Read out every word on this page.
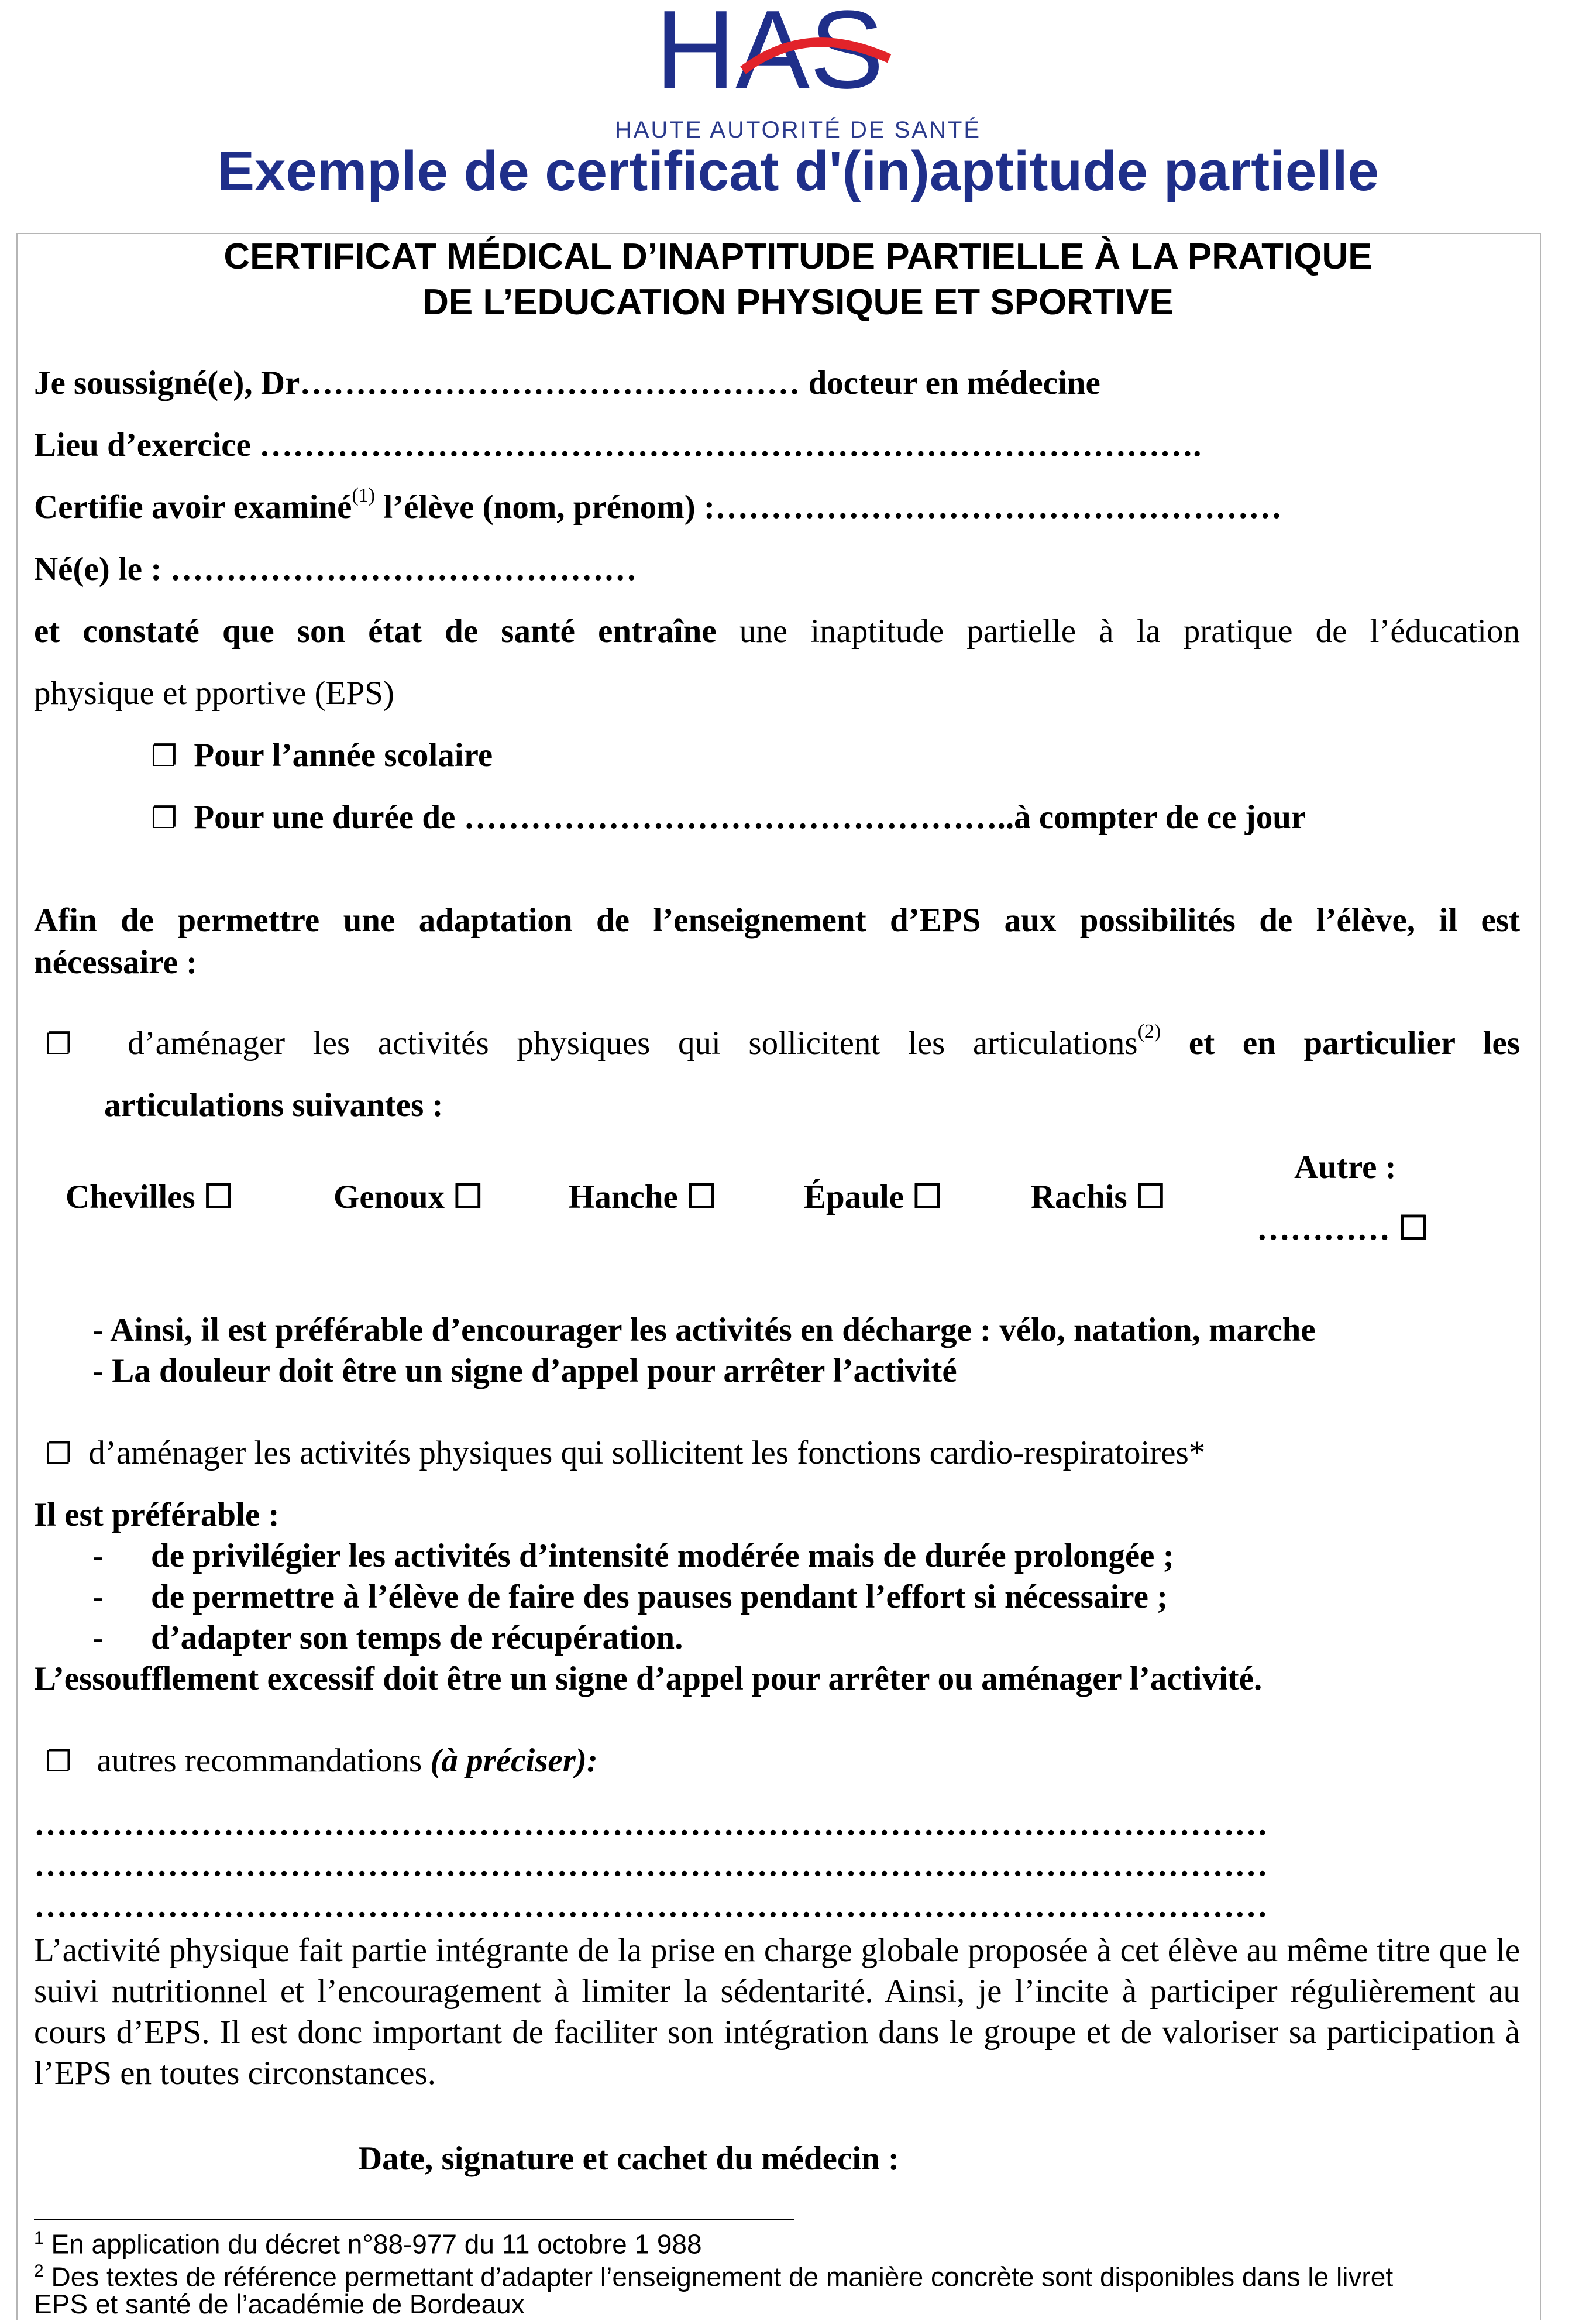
HAS
HAUTE AUTORITÉ DE SANTÉ
Exemple de certificat d'(in)aptitude partielle
CERTIFICAT MÉDICAL D’INAPTITUDE PARTIELLE À LA PRATIQUE
DE L’EDUCATION PHYSIQUE ET SPORTIVE
Je soussigné(e), Dr……………………………………… docteur en médecine
Lieu d’exercice ………………………………………………………………………….
Certifie avoir examiné$^{(1)}$ l’élève (nom, prénom) :……………………………………………
Né(e) le : ……………………………………
et constaté que son état de santé entraîne une inaptitude partielle à la pratique de l’éducation
physique et pportive (EPS)
❐ Pour l’année scolaire
❐ Pour une durée de …………………………………………..à compter de ce jour
Afin de permettre une adaptation de l’enseignement d’EPS aux possibilités de l’élève, il est
nécessaire :
❐ d’aménager les activités physiques qui sollicitent les articulations$^{(2)}$ et en particulier les
articulations suivantes :
Chevilles ☐	Genoux ☐	Hanche ☐	Épaule ☐	Rachis ☐
Autre :
………… ☐
- Ainsi, il est préférable d’encourager les activités en décharge : vélo, natation, marche
- La douleur doit être un signe d’appel pour arrêter l’activité
❐ d’aménager les activités physiques qui sollicitent les fonctions cardio-respiratoires*
Il est préférable :
- de privilégier les activités d’intensité modérée mais de durée prolongée ;
- de permettre à l’élève de faire des pauses pendant l’effort si nécessaire ;
- d’adapter son temps de récupération.
L’essoufflement excessif doit être un signe d’appel pour arrêter ou aménager l’activité.
❐ autres recommandations (à préciser):
…………………………………………………………………………………………………
…………………………………………………………………………………………………
…………………………………………………………………………………………………
L’activité physique fait partie intégrante de la prise en charge globale proposée à cet élève au même titre que le suivi nutritionnel et l’encouragement à limiter la sédentarité. Ainsi, je l’incite à participer régulièrement au cours d’EPS. Il est donc important de faciliter son intégration dans le groupe et de valoriser sa participation à l’EPS en toutes circonstances.
Date, signature et cachet du médecin :
$^1$ En application du décret n°88-977 du 11 octobre 1 988
$^2$ Des textes de référence permettant d’adapter l’enseignement de manière concrète sont disponibles dans le livret
EPS et santé de l’académie de Bordeaux
